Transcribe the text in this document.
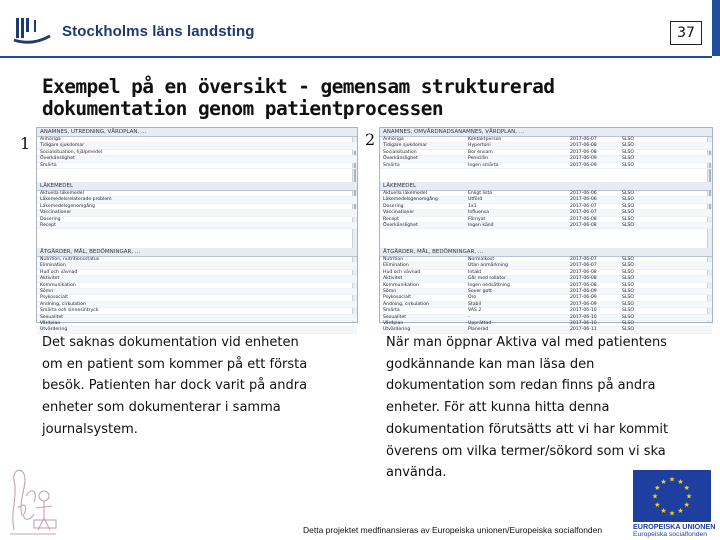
Stockholms läns landsting	37
Exempel på en översikt - gemensam strukturerad
dokumentation genom patientprocessen
1	2
ANAMNES, UTREDNING, VÅRDPLAN, ...
Anhöriga
Tidigare sjukdomar
Socialsituation, hjälpmedel
Överkänslighet
Smärta
LÄKEMEDEL
Aktuella läkemedel
Läkemedelsrelaterade problem
Läkemedelsgenomgång
Vaccinationer
Dosering
Recept
ÅTGÄRDER, MÅL, BEDÖMNINGAR, ...
Nutrition, nutritionsstatus
Elimination
Hud och vävnad
Aktivitet
Kommunikation
Sömn
Psykosocialt
Andning, cirkulation
Smärta och sinnesintryck
Sexualitet
Vårdplan
Utvärdering
ANAMNES, OMVÅRDNADSANAMNES, VÅRDPLAN, ...
Anhöriga	Kontaktperson	2017-06-07	SLSO
Tidigare sjukdomar	Hypertoni	2017-06-08	SLSO
Socialsituation	Bor ensam	2017-06-08	SLSO
Överkänslighet	Penicillin	2017-06-09	SLSO
Smärta	Ingen smärta	2017-06-09	SLSO
LÄKEMEDEL
Aktuella läkemedel	Enligt lista	2017-06-06	SLSO
Läkemedelsgenomgång	Utförd	2017-06-06	SLSO
Dosering	1x1	2017-06-07	SLSO
Vaccinationer	Influensa	2017-06-07	SLSO
Recept	Förnyat	2017-06-08	SLSO
Överkänslighet	Ingen känd	2017-06-08	SLSO
ÅTGÄRDER, MÅL, BEDÖMNINGAR, ...
Nutrition	Normalkost	2017-06-07	SLSO
Elimination	Utan anmärkning	2017-06-07	SLSO
Hud och vävnad	Intakt	2017-06-08	SLSO
Aktivitet	Går med rollator	2017-06-08	SLSO
Kommunikation	Ingen nedsättning	2017-06-08	SLSO
Sömn	Sover gott	2017-06-09	SLSO
Psykosocialt	Oro	2017-06-09	SLSO
Andning, cirkulation	Stabil	2017-06-09	SLSO
Smärta	VAS 2	2017-06-10	SLSO
Sexualitet	-	2017-06-10	SLSO
Vårdplan	Upprättad	2017-06-10	SLSO
Utvärdering	Planerad	2017-06-11	SLSO
Det saknas dokumentation vid enheten
om en patient som kommer på ett första
besök. Patienten har dock varit på andra
enheter som dokumenterar i samma
journalsystem.
När man öppnar Aktiva val med patientens
godkännande kan man läsa den
dokumentation som redan finns på andra
enheter. För att kunna hitta denna
dokumentation förutsätts att vi har kommit
överens om vilka termer/sökord som vi ska
använda.
Detta projektet medfinansieras av Europeiska unionen/Europeiska socialfonden
★
★
★
★
★
★
★
★
★ ★ ★
★
EUROPEISKA UNIONEN
Europeiska socialfonden
